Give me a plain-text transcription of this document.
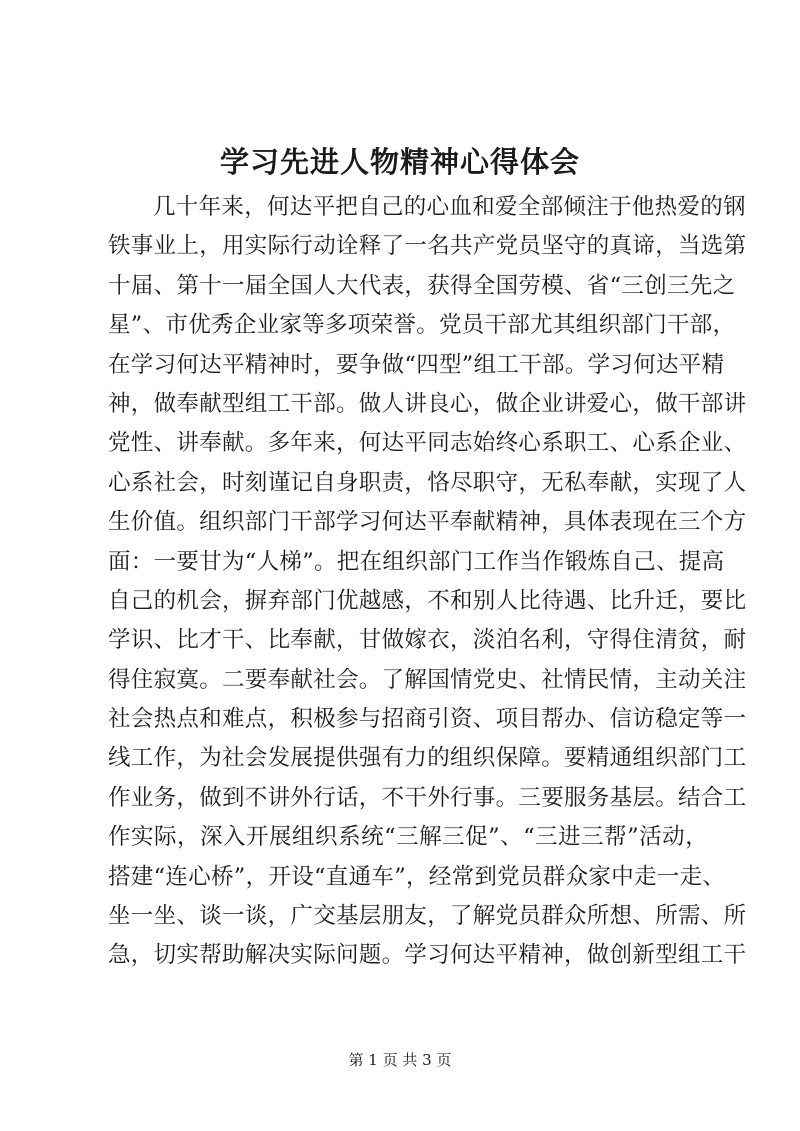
学习先进人物精神心得体会
几十年来，何达平把自己的心血和爱全部倾注于他热爱的钢
铁事业上，用实际行动诠释了一名共产党员坚守的真谛，当选第
十届、第十一届全国人大代表，获得全国劳模、省“三创三先之
星”、市优秀企业家等多项荣誉。党员干部尤其组织部门干部，
在学习何达平精神时，要争做“四型”组工干部。学习何达平精
神，做奉献型组工干部。做人讲良心，做企业讲爱心，做干部讲
党性、讲奉献。多年来，何达平同志始终心系职工、心系企业、
心系社会，时刻谨记自身职责，恪尽职守，无私奉献，实现了人
生价值。组织部门干部学习何达平奉献精神，具体表现在三个方
面：一要甘为“人梯”。把在组织部门工作当作锻炼自己、提高
自己的机会，摒弃部门优越感，不和别人比待遇、比升迁，要比
学识、比才干、比奉献，甘做嫁衣，淡泊名利，守得住清贫，耐
得住寂寞。二要奉献社会。了解国情党史、社情民情，主动关注
社会热点和难点，积极参与招商引资、项目帮办、信访稳定等一
线工作，为社会发展提供强有力的组织保障。要精通组织部门工
作业务，做到不讲外行话，不干外行事。三要服务基层。结合工
作实际，深入开展组织系统“三解三促”、“三进三帮”活动，
搭建“连心桥”，开设“直通车”，经常到党员群众家中走一走、
坐一坐、谈一谈，广交基层朋友，了解党员群众所想、所需、所
急，切实帮助解决实际问题。学习何达平精神，做创新型组工干
第 1 页 共 3 页
